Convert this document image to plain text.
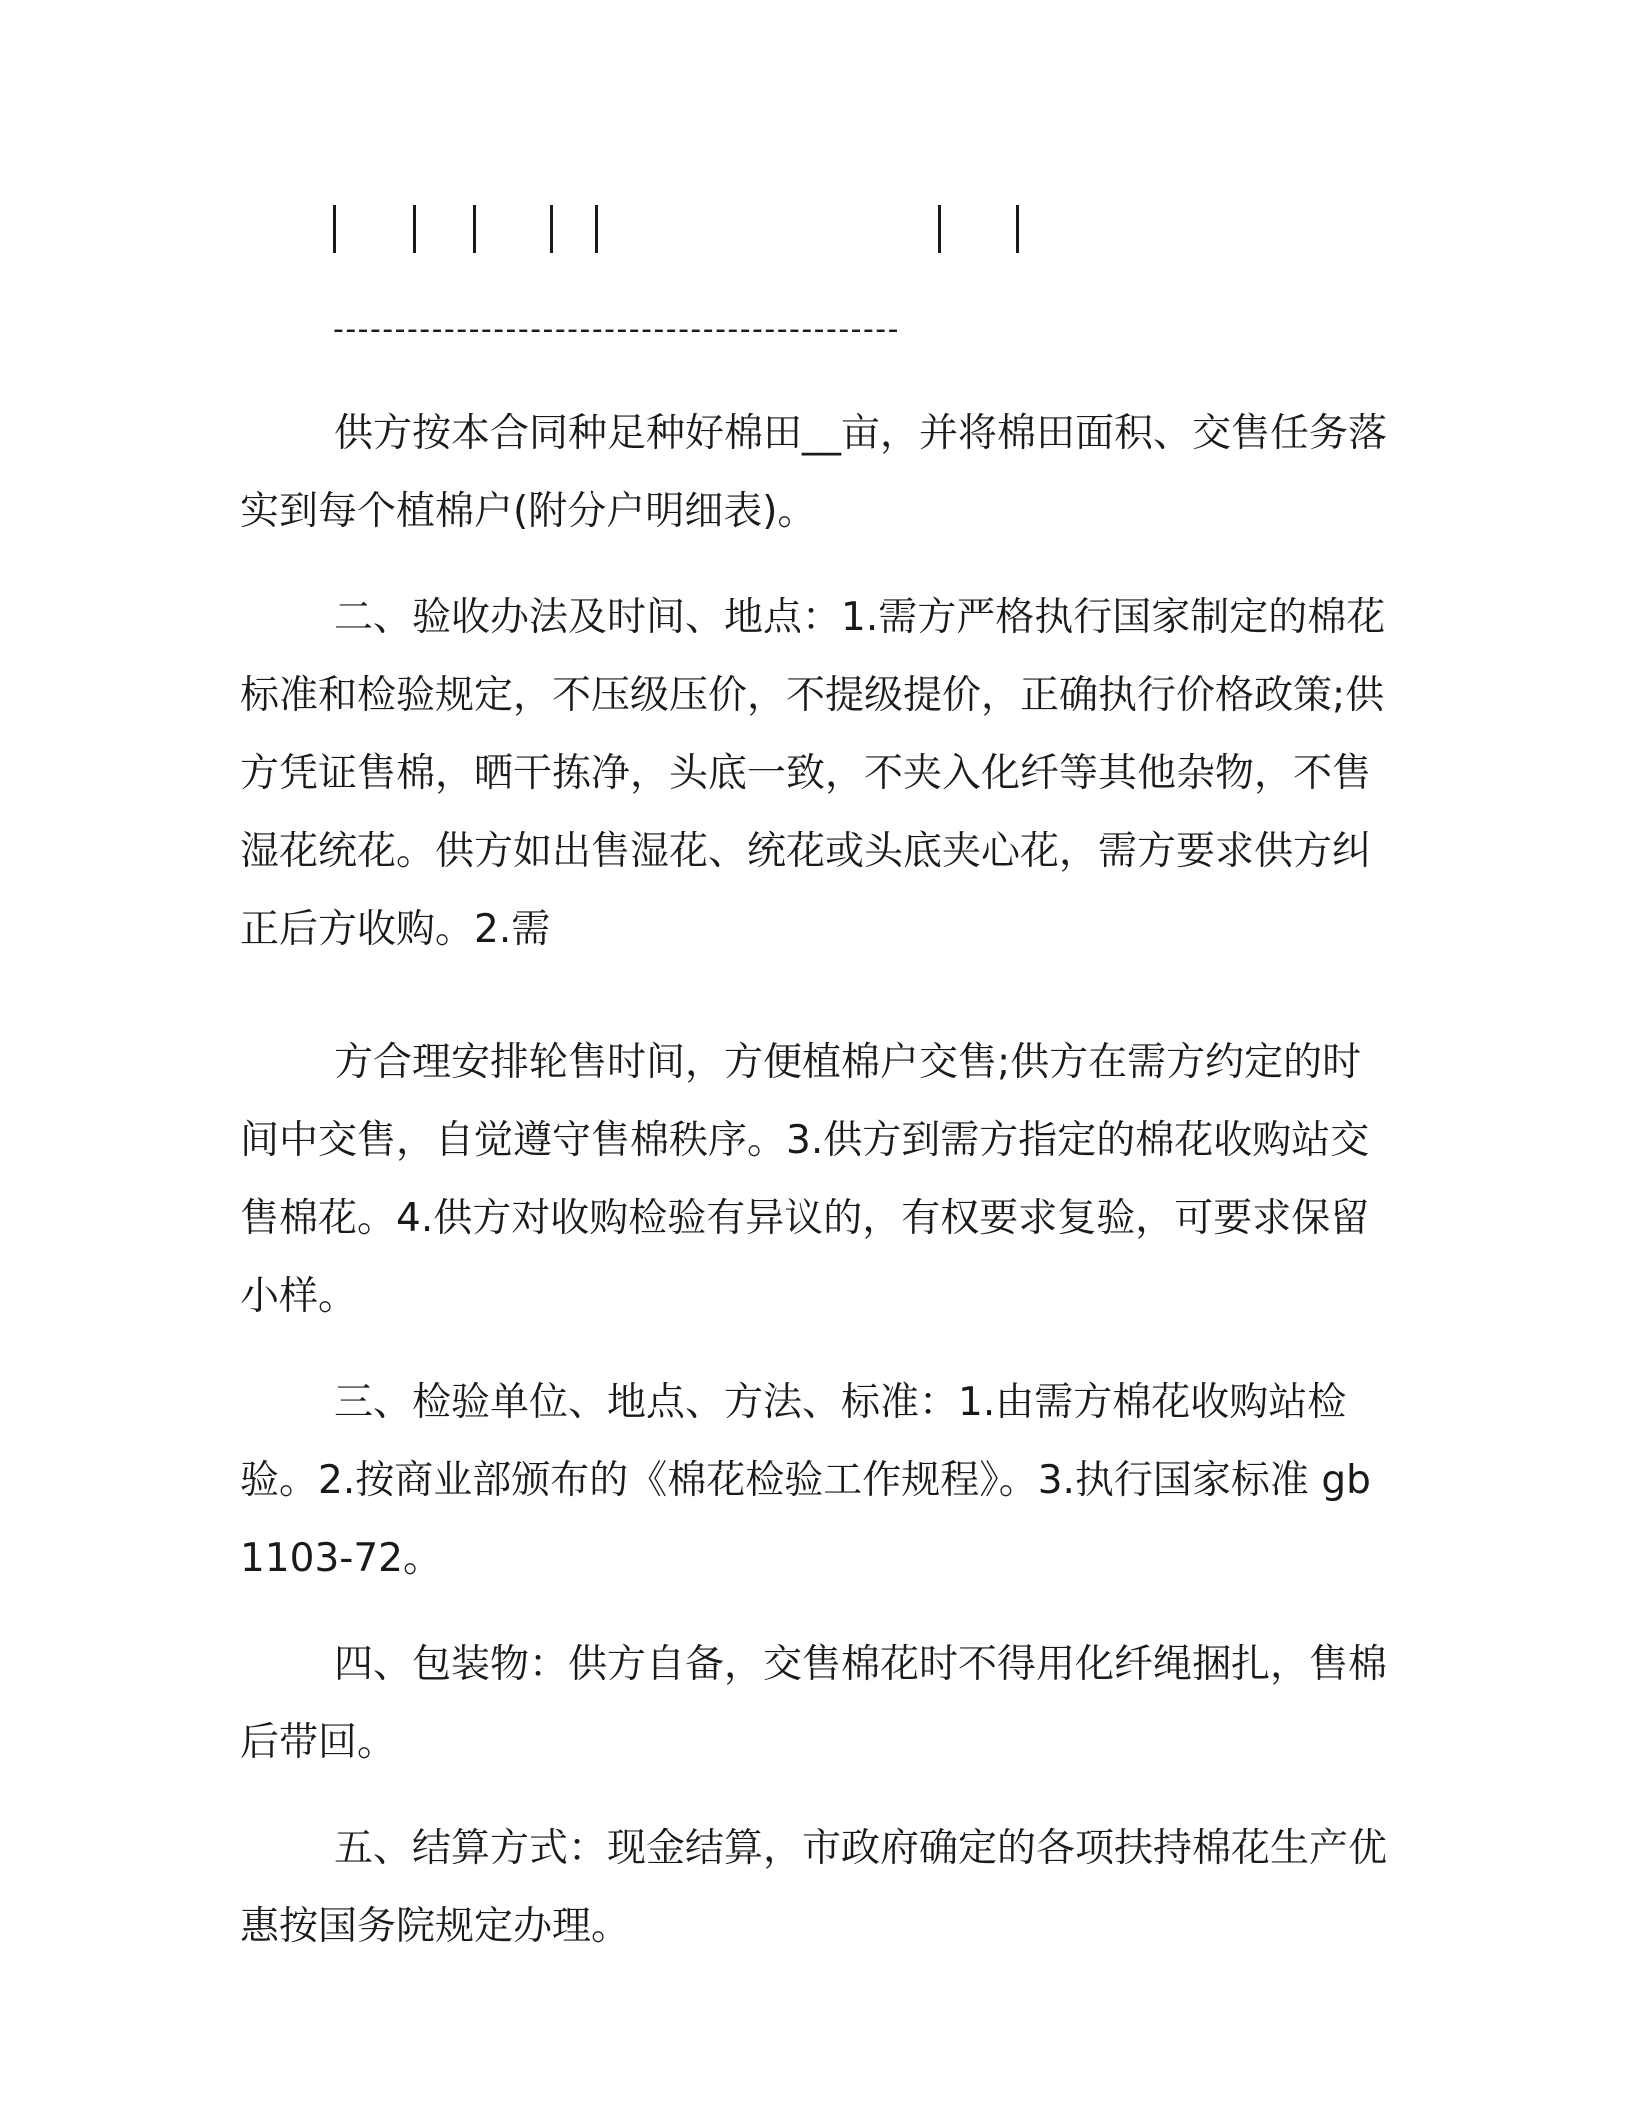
----------------------------------------------

供方按本合同种足种好棉田__亩，并将棉田面积、交售任务落实到每个植棉户(附分户明细表)。

二、验收办法及时间、地点：1.需方严格执行国家制定的棉花标准和检验规定，不压级压价，不提级提价，正确执行价格政策;供方凭证售棉，晒干拣净，头底一致，不夹入化纤等其他杂物，不售湿花统花。供方如出售湿花、统花或头底夹心花，需方要求供方纠正后方收购。2.需

方合理安排轮售时间，方便植棉户交售;供方在需方约定的时间中交售，自觉遵守售棉秩序。3.供方到需方指定的棉花收购站交售棉花。4.供方对收购检验有异议的，有权要求复验，可要求保留小样。

三、检验单位、地点、方法、标准：1.由需方棉花收购站检验。2.按商业部颁布的《棉花检验工作规程》。3.执行国家标准 gb1103-72。

四、包装物：供方自备，交售棉花时不得用化纤绳捆扎，售棉后带回。

五、结算方式：现金结算，市政府确定的各项扶持棉花生产优惠按国务院规定办理。
